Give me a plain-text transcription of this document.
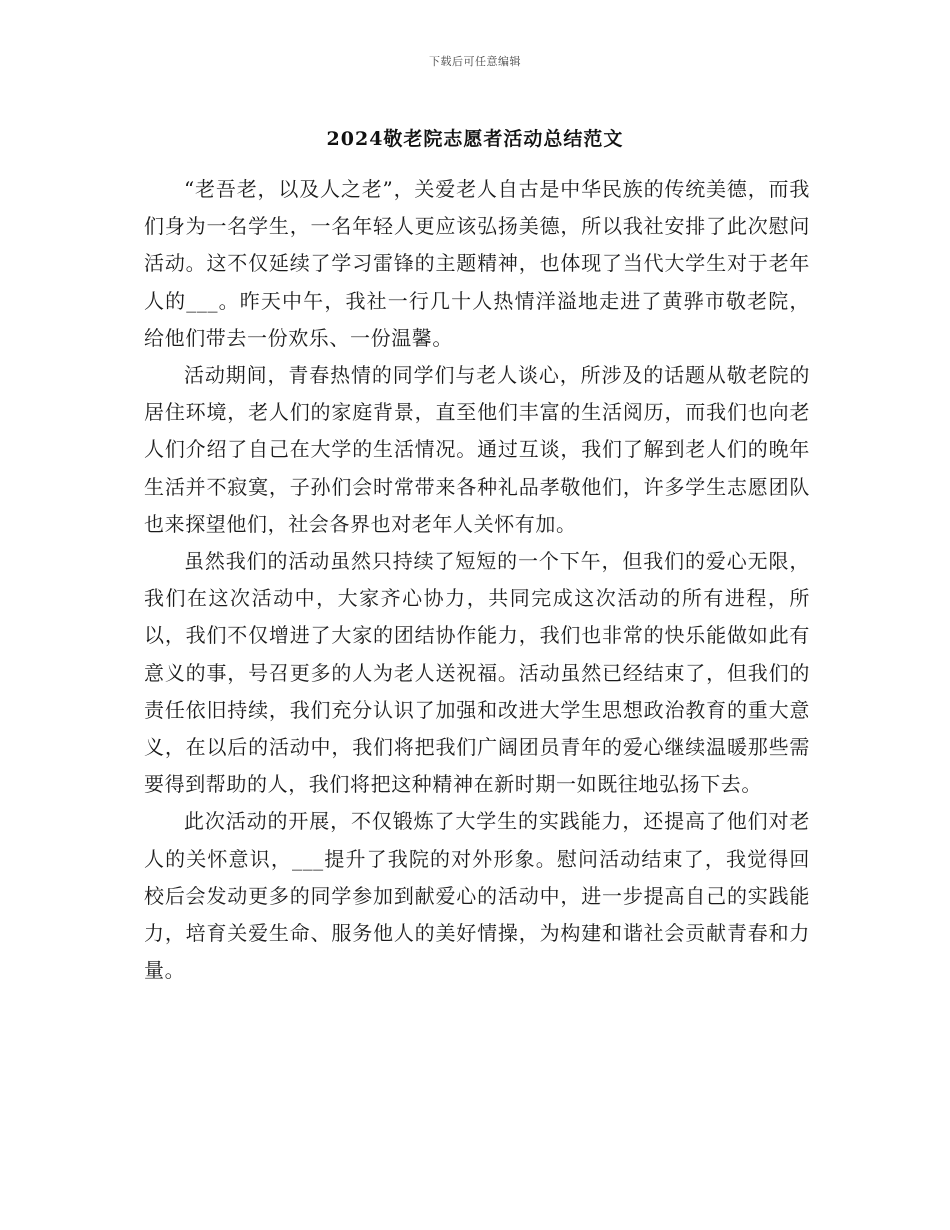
下载后可任意编辑
2024敬老院志愿者活动总结范文

“老吾老，以及人之老”，关爱老人自古是中华民族的传统美德，而我们身为一名学生，一名年轻人更应该弘扬美德，所以我社安排了此次慰问活动。这不仅延续了学习雷锋的主题精神，也体现了当代大学生对于老年人的___。昨天中午，我社一行几十人热情洋溢地走进了黄骅市敬老院，给他们带去一份欢乐、一份温馨。

活动期间，青春热情的同学们与老人谈心，所涉及的话题从敬老院的居住环境，老人们的家庭背景，直至他们丰富的生活阅历，而我们也向老人们介绍了自己在大学的生活情况。通过互谈，我们了解到老人们的晚年生活并不寂寞，子孙们会时常带来各种礼品孝敬他们，许多学生志愿团队也来探望他们，社会各界也对老年人关怀有加。

虽然我们的活动虽然只持续了短短的一个下午，但我们的爱心无限，我们在这次活动中，大家齐心协力，共同完成这次活动的所有进程，所以，我们不仅增进了大家的团结协作能力，我们也非常的快乐能做如此有意义的事，号召更多的人为老人送祝福。活动虽然已经结束了，但我们的责任依旧持续，我们充分认识了加强和改进大学生思想政治教育的重大意义，在以后的活动中，我们将把我们广阔团员青年的爱心继续温暖那些需要得到帮助的人，我们将把这种精神在新时期一如既往地弘扬下去。

此次活动的开展，不仅锻炼了大学生的实践能力，还提高了他们对老人的关怀意识，___提升了我院的对外形象。慰问活动结束了，我觉得回校后会发动更多的同学参加到献爱心的活动中，进一步提高自己的实践能力，培育关爱生命、服务他人的美好情操，为构建和谐社会贡献青春和力量。
